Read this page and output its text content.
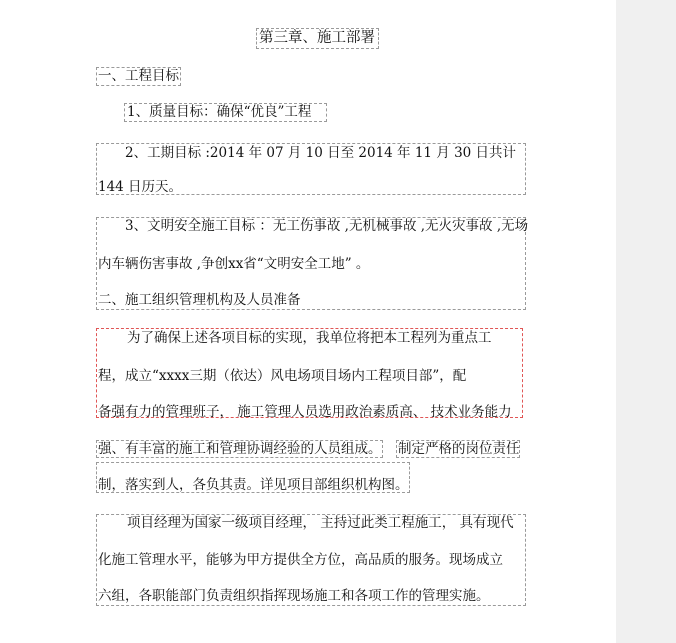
第三章、施工部署
一、工程目标
1、质量目标：确保“优良”工程
2、工期目标 :2014 年 07 月 10 日至 2014 年 11 月 30 日共计
144 日历天。
3、文明安全施工目标 ：无工伤事故 ,无机械事故 ,无火灾事故 ,无场
内车辆伤害事故 ,争创xx省“文明安全工地” 。
二、施工组织管理机构及人员准备
为了确保上述各项目标的实现，我单位将把本工程列为重点工
程，成立“xxxx三期（依达）风电场项目场内工程项目部”，配
备强有力的管理班子， 施工管理人员选用政治素质高、 技术业务能力
强、有丰富的施工和管理协调经验的人员组成。 制定严格的岗位责任
制，落实到人，各负其责。详见项目部组织机构图。
项目经理为国家一级项目经理， 主持过此类工程施工， 具有现代
化施工管理水平，能够为甲方提供全方位，高品质的服务。现场成立
六组，各职能部门负责组织指挥现场施工和各项工作的管理实施。
